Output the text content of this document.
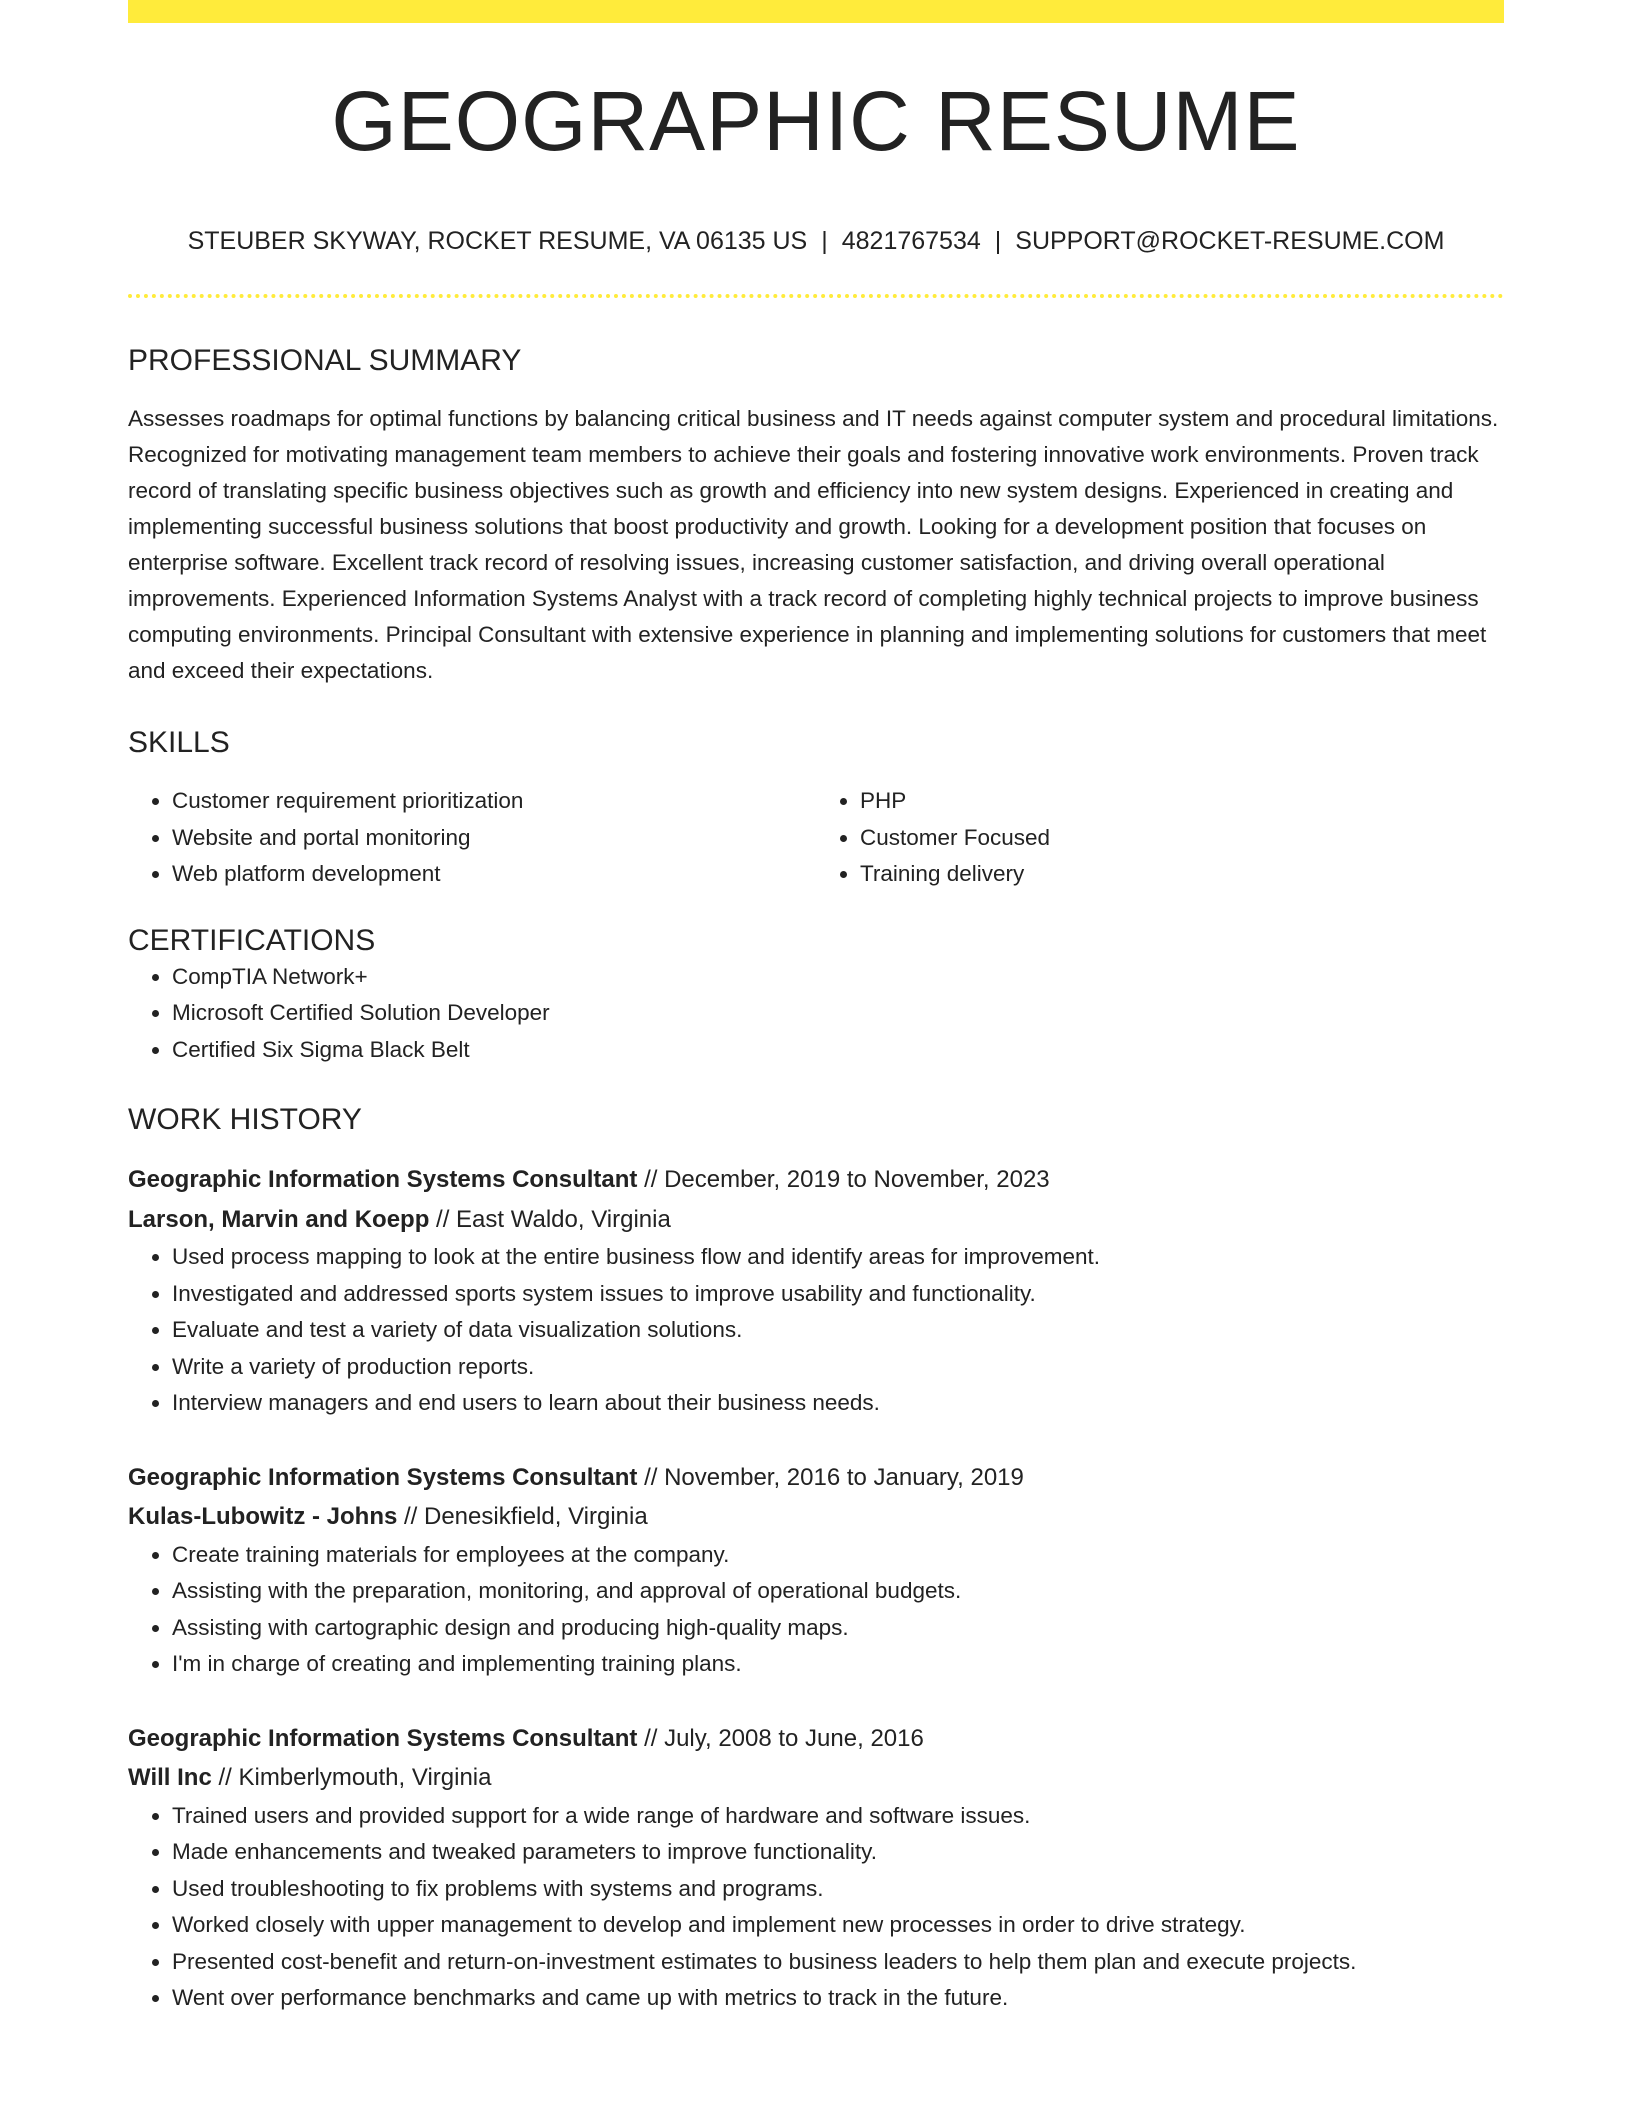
GEOGRAPHIC RESUME
STEUBER SKYWAY, ROCKET RESUME, VA 06135 US | 4821767534 | SUPPORT@ROCKET-RESUME.COM
PROFESSIONAL SUMMARY

Assesses roadmaps for optimal functions by balancing critical business and IT needs against computer system and procedural limitations. Recognized for motivating management team members to achieve their goals and fostering innovative work environments. Proven track record of translating specific business objectives such as growth and efficiency into new system designs. Experienced in creating and implementing successful business solutions that boost productivity and growth. Looking for a development position that focuses on enterprise software. Excellent track record of resolving issues, increasing customer satisfaction, and driving overall operational improvements. Experienced Information Systems Analyst with a track record of completing highly technical projects to improve business computing environments. Principal Consultant with extensive experience in planning and implementing solutions for customers that meet and exceed their expectations.

SKILLS
• Customer requirement prioritization
• Website and portal monitoring
• Web platform development
• PHP
• Customer Focused
• Training delivery
CERTIFICATIONS
• CompTIA Network+
• Microsoft Certified Solution Developer
• Certified Six Sigma Black Belt
WORK HISTORY
Geographic Information Systems Consultant // December, 2019 to November, 2023
Larson, Marvin and Koepp // East Waldo, Virginia
• Used process mapping to look at the entire business flow and identify areas for improvement.
• Investigated and addressed sports system issues to improve usability and functionality.
• Evaluate and test a variety of data visualization solutions.
• Write a variety of production reports.
• Interview managers and end users to learn about their business needs.
Geographic Information Systems Consultant // November, 2016 to January, 2019
Kulas-Lubowitz - Johns // Denesikfield, Virginia
• Create training materials for employees at the company.
• Assisting with the preparation, monitoring, and approval of operational budgets.
• Assisting with cartographic design and producing high-quality maps.
• I'm in charge of creating and implementing training plans.
Geographic Information Systems Consultant // July, 2008 to June, 2016
Will Inc // Kimberlymouth, Virginia
• Trained users and provided support for a wide range of hardware and software issues.
• Made enhancements and tweaked parameters to improve functionality.
• Used troubleshooting to fix problems with systems and programs.
• Worked closely with upper management to develop and implement new processes in order to drive strategy.
• Presented cost-benefit and return-on-investment estimates to business leaders to help them plan and execute projects.
• Went over performance benchmarks and came up with metrics to track in the future.
